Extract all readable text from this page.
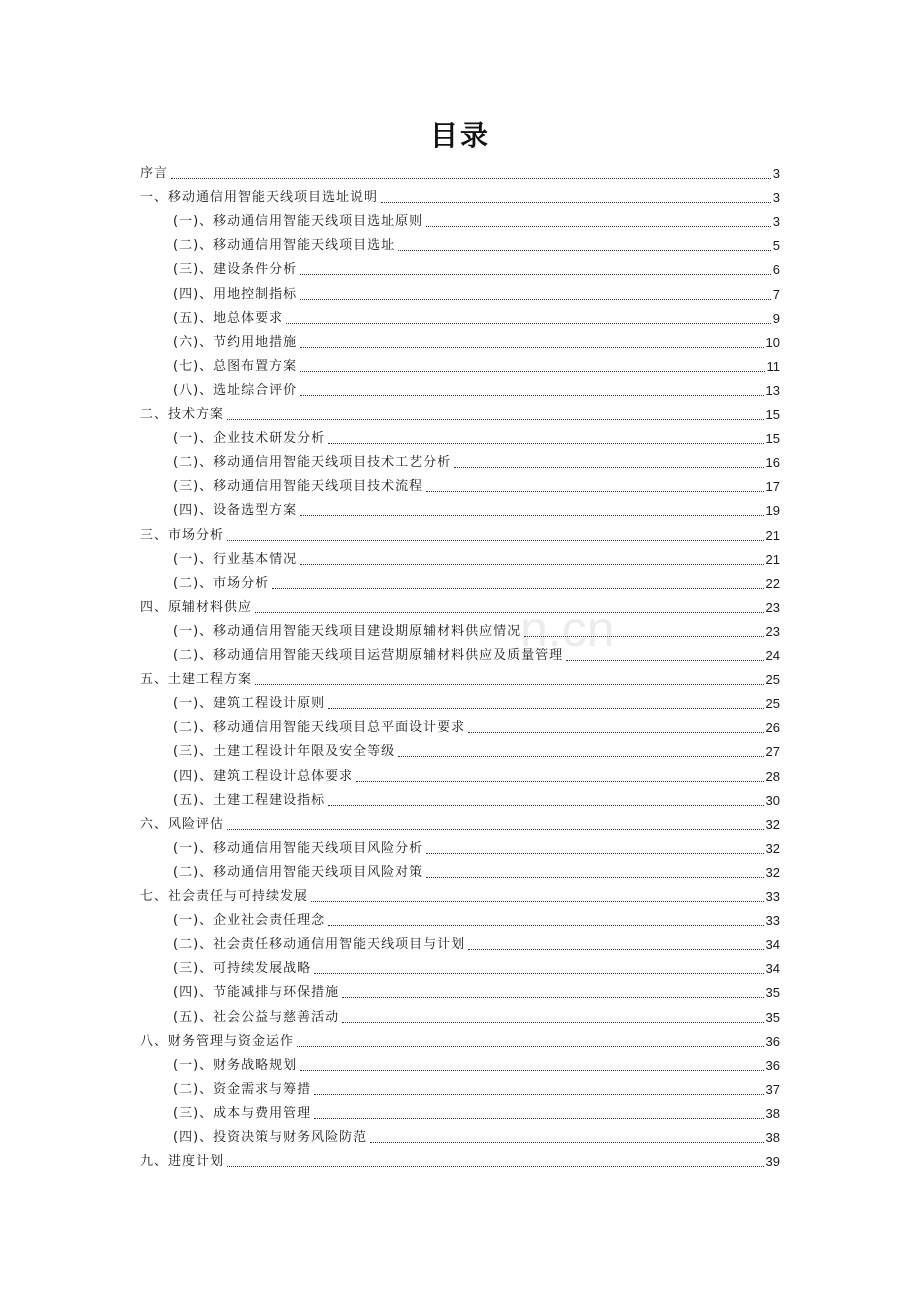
目录
n.cn
序言	3
一、移动通信用智能天线项目选址说明	3
(一)、移动通信用智能天线项目选址原则	3
(二)、移动通信用智能天线项目选址	5
(三)、建设条件分析	6
(四)、用地控制指标	7
(五)、地总体要求	9
(六)、节约用地措施	10
(七)、总图布置方案	11
(八)、选址综合评价	13
二、技术方案	15
(一)、企业技术研发分析	15
(二)、移动通信用智能天线项目技术工艺分析	16
(三)、移动通信用智能天线项目技术流程	17
(四)、设备选型方案	19
三、市场分析	21
(一)、行业基本情况	21
(二)、市场分析	22
四、原辅材料供应	23
(一)、移动通信用智能天线项目建设期原辅材料供应情况	23
(二)、移动通信用智能天线项目运营期原辅材料供应及质量管理	24
五、土建工程方案	25
(一)、建筑工程设计原则	25
(二)、移动通信用智能天线项目总平面设计要求	26
(三)、土建工程设计年限及安全等级	27
(四)、建筑工程设计总体要求	28
(五)、土建工程建设指标	30
六、风险评估	32
(一)、移动通信用智能天线项目风险分析	32
(二)、移动通信用智能天线项目风险对策	32
七、社会责任与可持续发展	33
(一)、企业社会责任理念	33
(二)、社会责任移动通信用智能天线项目与计划	34
(三)、可持续发展战略	34
(四)、节能减排与环保措施	35
(五)、社会公益与慈善活动	35
八、财务管理与资金运作	36
(一)、财务战略规划	36
(二)、资金需求与筹措	37
(三)、成本与费用管理	38
(四)、投资决策与财务风险防范	38
九、进度计划	39
